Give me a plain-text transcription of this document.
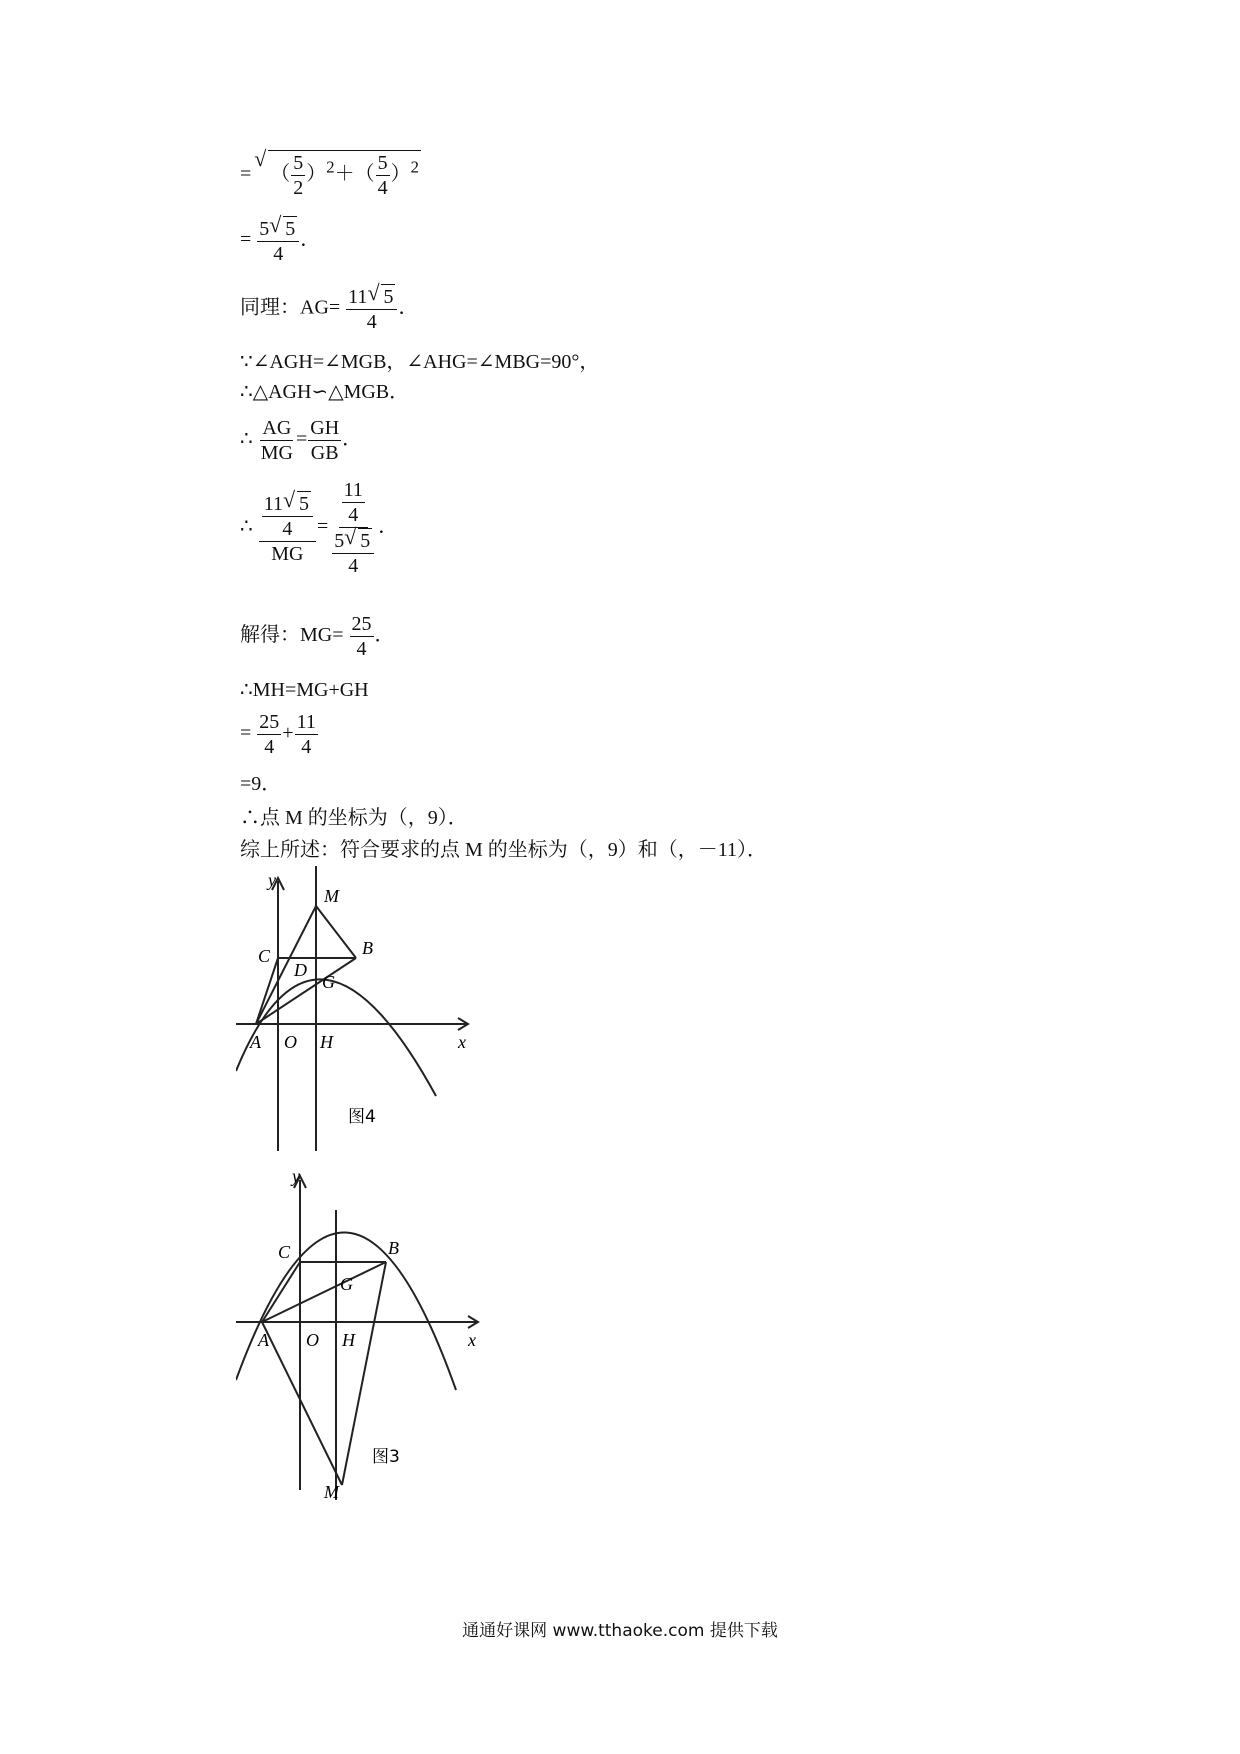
= √ （ $\frac{5}{2} )^2+( \frac{5}{4} )^2$
= $\frac{5 √ 5}{4}$ ．
同理：$AG= \frac{11 √ 5}{4}$ ．
∵∠AGH=∠MGB，∠AHG=∠MBG=90°，
∴△AGH∽△MGB．
∴ $\frac{AG}{MG} = \frac{GH}{GB}$ ．
∴ $\frac{\frac{11 √ 5}{4}}{MG} = \frac{\frac{11}{4}}{\frac{5 √ 5}{4}}$ ．
解得：$MG= \frac{25}{4}$ ．
∴MH=MG+GH
= $\frac{25}{4} + \frac{11}{4}$
=9．
∴点 M 的坐标为（，9）．
综上所述：符合要求的点 M 的坐标为（，9）和（，－11）．
y
x
M
C	B
D
G
A O H
图4
y
x
C	B
G
A O H
M
图3
通通好课网 www.tthaoke.com 提供下载
